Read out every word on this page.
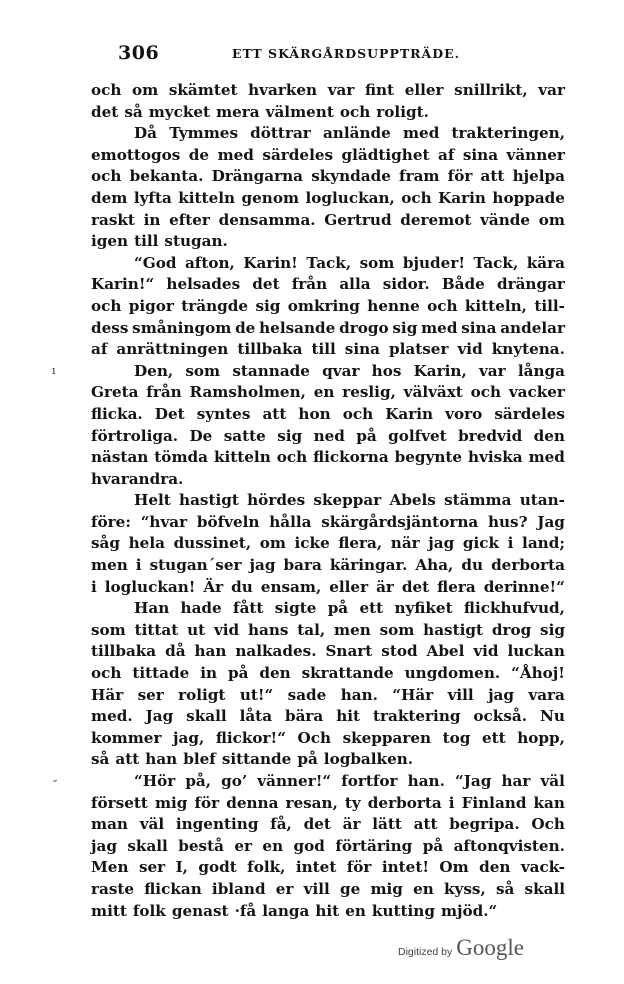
306	ETT SKÄRGÅRDSUPPTRÄDE.
ı
˝
och om skämtet hvarken var fint eller snillrikt, var
det så mycket mera välment och roligt.
Då Tymmes döttrar anlände med trakteringen,
emottogos de med särdeles glädtighet af sina vänner
och bekanta. Drängarna skyndade fram för att hjelpa
dem lyfta kitteln genom logluckan, och Karin hoppade
raskt in efter densamma. Gertrud deremot vände om
igen till stugan.
“God afton, Karin! Tack, som bjuder! Tack, kära
Karin!“ helsades det från alla sidor. Både drängar
och pigor trängde sig omkring henne och kitteln, till-
dess småningom de helsande drogo sig med sina andelar
af anrättningen tillbaka till sina platser vid knytena.
Den, som stannade qvar hos Karin, var långa
Greta från Ramsholmen, en reslig, välväxt och vacker
flicka. Det syntes att hon och Karin voro särdeles
förtroliga. De satte sig ned på golfvet bredvid den
nästan tömda kitteln och flickorna begynte hviska med
hvarandra.
Helt hastigt hördes skeppar Abels stämma utan-
före: “hvar böfveln hålla skärgårdsjäntorna hus? Jag
såg hela dussinet, om icke flera, när jag gick i land;
men i stugan´ser jag bara käringar. Aha, du derborta
i logluckan! Är du ensam, eller är det flera derinne!“
Han hade fått sigte på ett nyfiket flickhufvud,
som tittat ut vid hans tal, men som hastigt drog sig
tillbaka då han nalkades. Snart stod Abel vid luckan
och tittade in på den skrattande ungdomen. “Åhoj!
Här ser roligt ut!“ sade han. “Här vill jag vara
med. Jag skall låta bära hit traktering också. Nu
kommer jag, flickor!“ Och skepparen tog ett hopp,
så att han blef sittande på logbalken.
“Hör på, go’ vänner!“ fortfor han. “Jag har väl
försett mig för denna resan, ty derborta i Finland kan
man väl ingenting få, det är lätt att begripa. Och
jag skall bestå er en god förtäring på aftonqvisten.
Men ser I, godt folk, intet för intet! Om den vack-
raste flickan ibland er vill ge mig en kyss, så skall
mitt folk genast ·få langa hit en kutting mjöd.“
Digitized by Google
